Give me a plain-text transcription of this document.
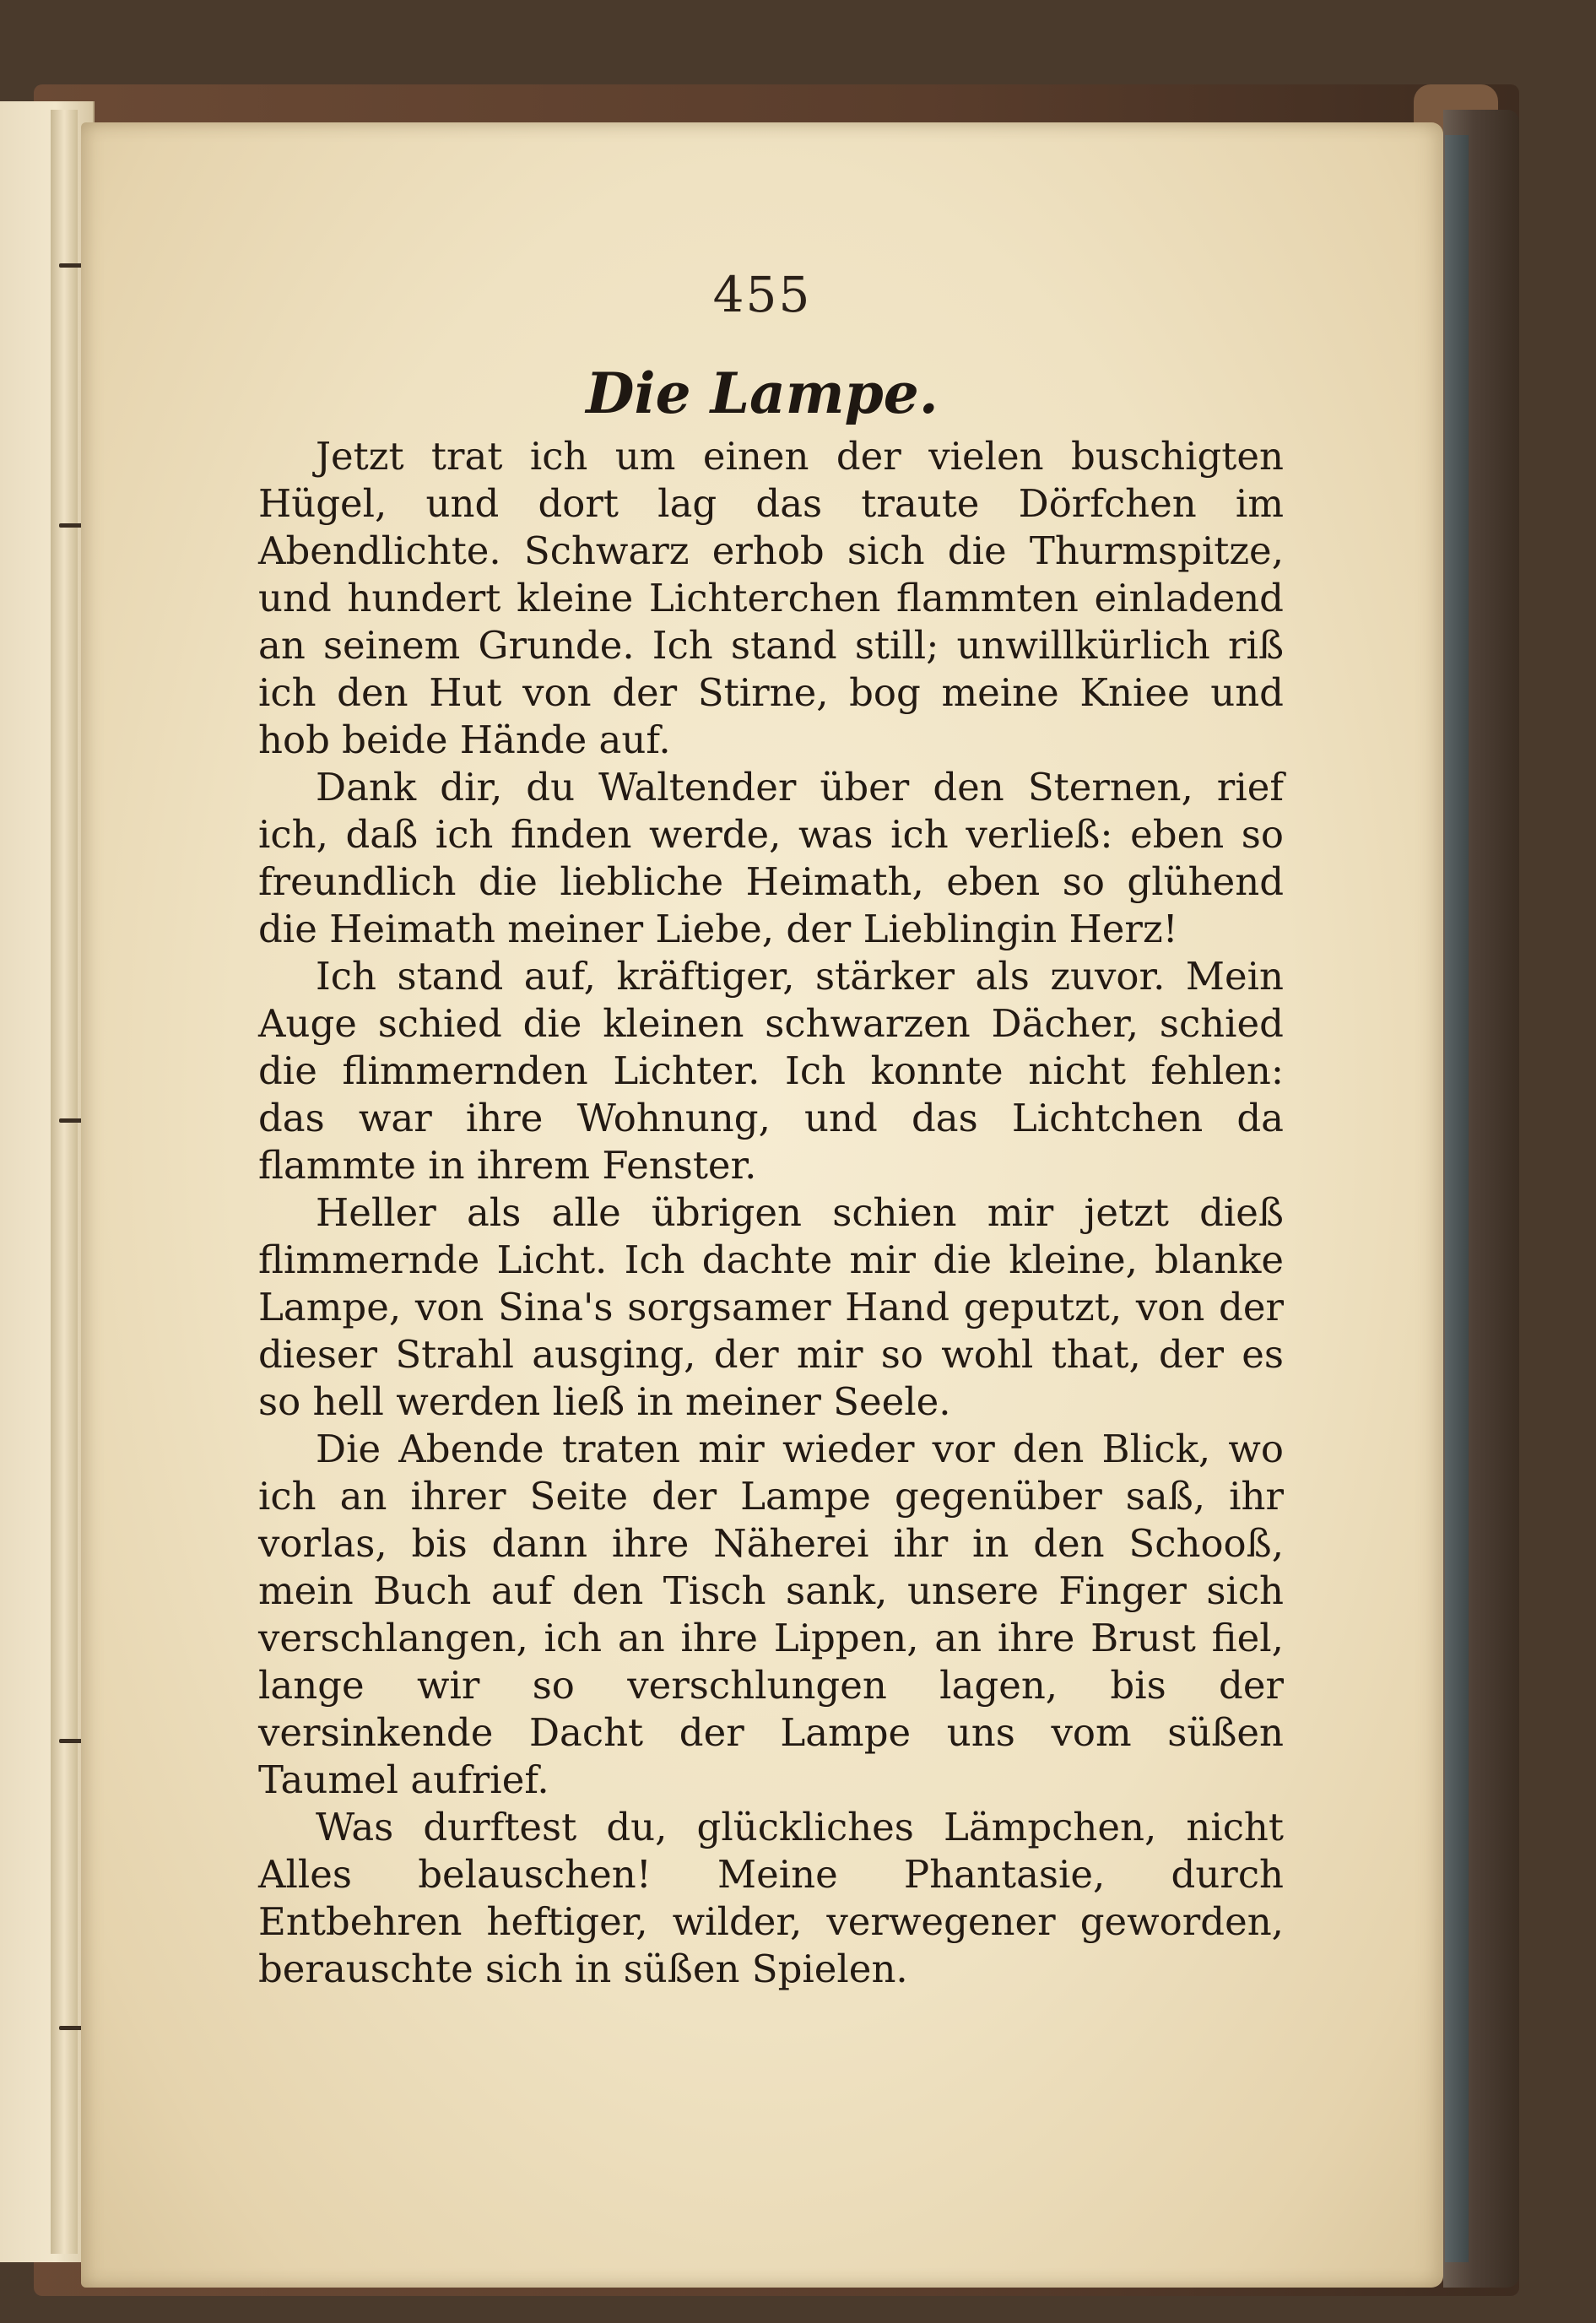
455
Die Lampe.

Jetzt trat ich um einen der vielen buschigten Hügel, und dort lag das traute Dörfchen im Abendlichte. Schwarz erhob sich die Thurmspitze, und hundert kleine Lichterchen flammten einladend an seinem Grunde. Ich stand still; unwillkürlich riß ich den Hut von der Stirne, bog meine Kniee und hob beide Hände auf.

Dank dir, du Waltender über den Sternen, rief ich, daß ich finden werde, was ich verließ: eben so freundlich die liebliche Heimath, eben so glühend die Heimath meiner Liebe, der Lieblingin Herz!

Ich stand auf, kräftiger, stärker als zuvor. Mein Auge schied die kleinen schwarzen Dächer, schied die flimmernden Lichter. Ich konnte nicht fehlen: das war ihre Wohnung, und das Lichtchen da flammte in ihrem Fenster.

Heller als alle übrigen schien mir jetzt dieß flimmernde Licht. Ich dachte mir die kleine, blanke Lampe, von Sina's sorgsamer Hand geputzt, von der dieser Strahl ausging, der mir so wohl that, der es so hell werden ließ in meiner Seele.

Die Abende traten mir wieder vor den Blick, wo ich an ihrer Seite der Lampe gegenüber saß, ihr vorlas, bis dann ihre Näherei ihr in den Schooß, mein Buch auf den Tisch sank, unsere Finger sich verschlangen, ich an ihre Lippen, an ihre Brust fiel, lange wir so verschlungen lagen, bis der versinkende Dacht der Lampe uns vom süßen Taumel aufrief.

Was durftest du, glückliches Lämpchen, nicht Alles belauschen! Meine Phantasie, durch Entbehren heftiger, wilder, verwegener geworden, berauschte sich in süßen Spielen.
